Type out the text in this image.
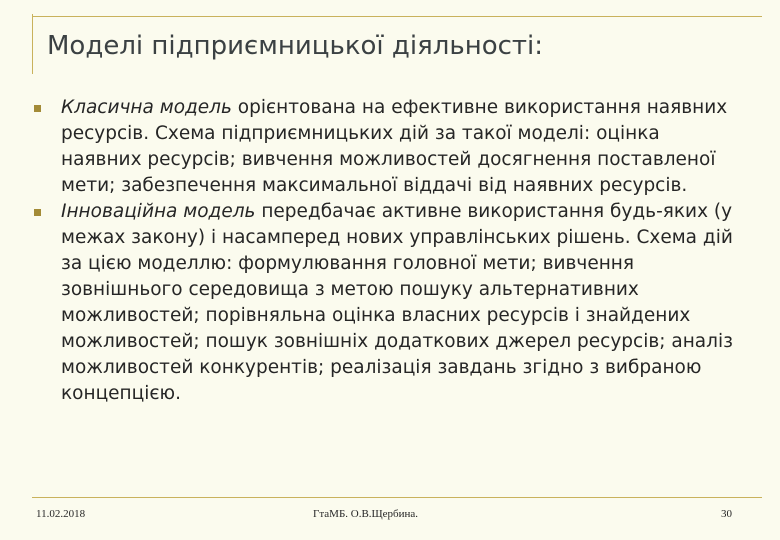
Моделі підприємницької діяльності:
Класична модель орієнтована на ефективне використання наявних ресурсів. Схема підприємницьких дій за такої моделі: оцінка наявних ресурсів; вивчення можливостей досягнення поставленої мети; забезпечення максимальної віддачі від наявних ресурсів.
Інноваційна модель передбачає активне використання будь-яких (у межах закону) і насамперед нових управлінських рішень. Схема дій за цією моделлю: формулювання головної мети; вивчення зовнішнього середовища з метою пошуку альтернативних можливостей; порівняльна оцінка власних ресурсів і знайдених можливостей; пошук зовнішніх додаткових джерел ресурсів; аналіз можливостей конкурентів; реалізація завдань згідно з вибраною концепцією.
11.02.2018	ГтаМБ. О.В.Щербина.	30
